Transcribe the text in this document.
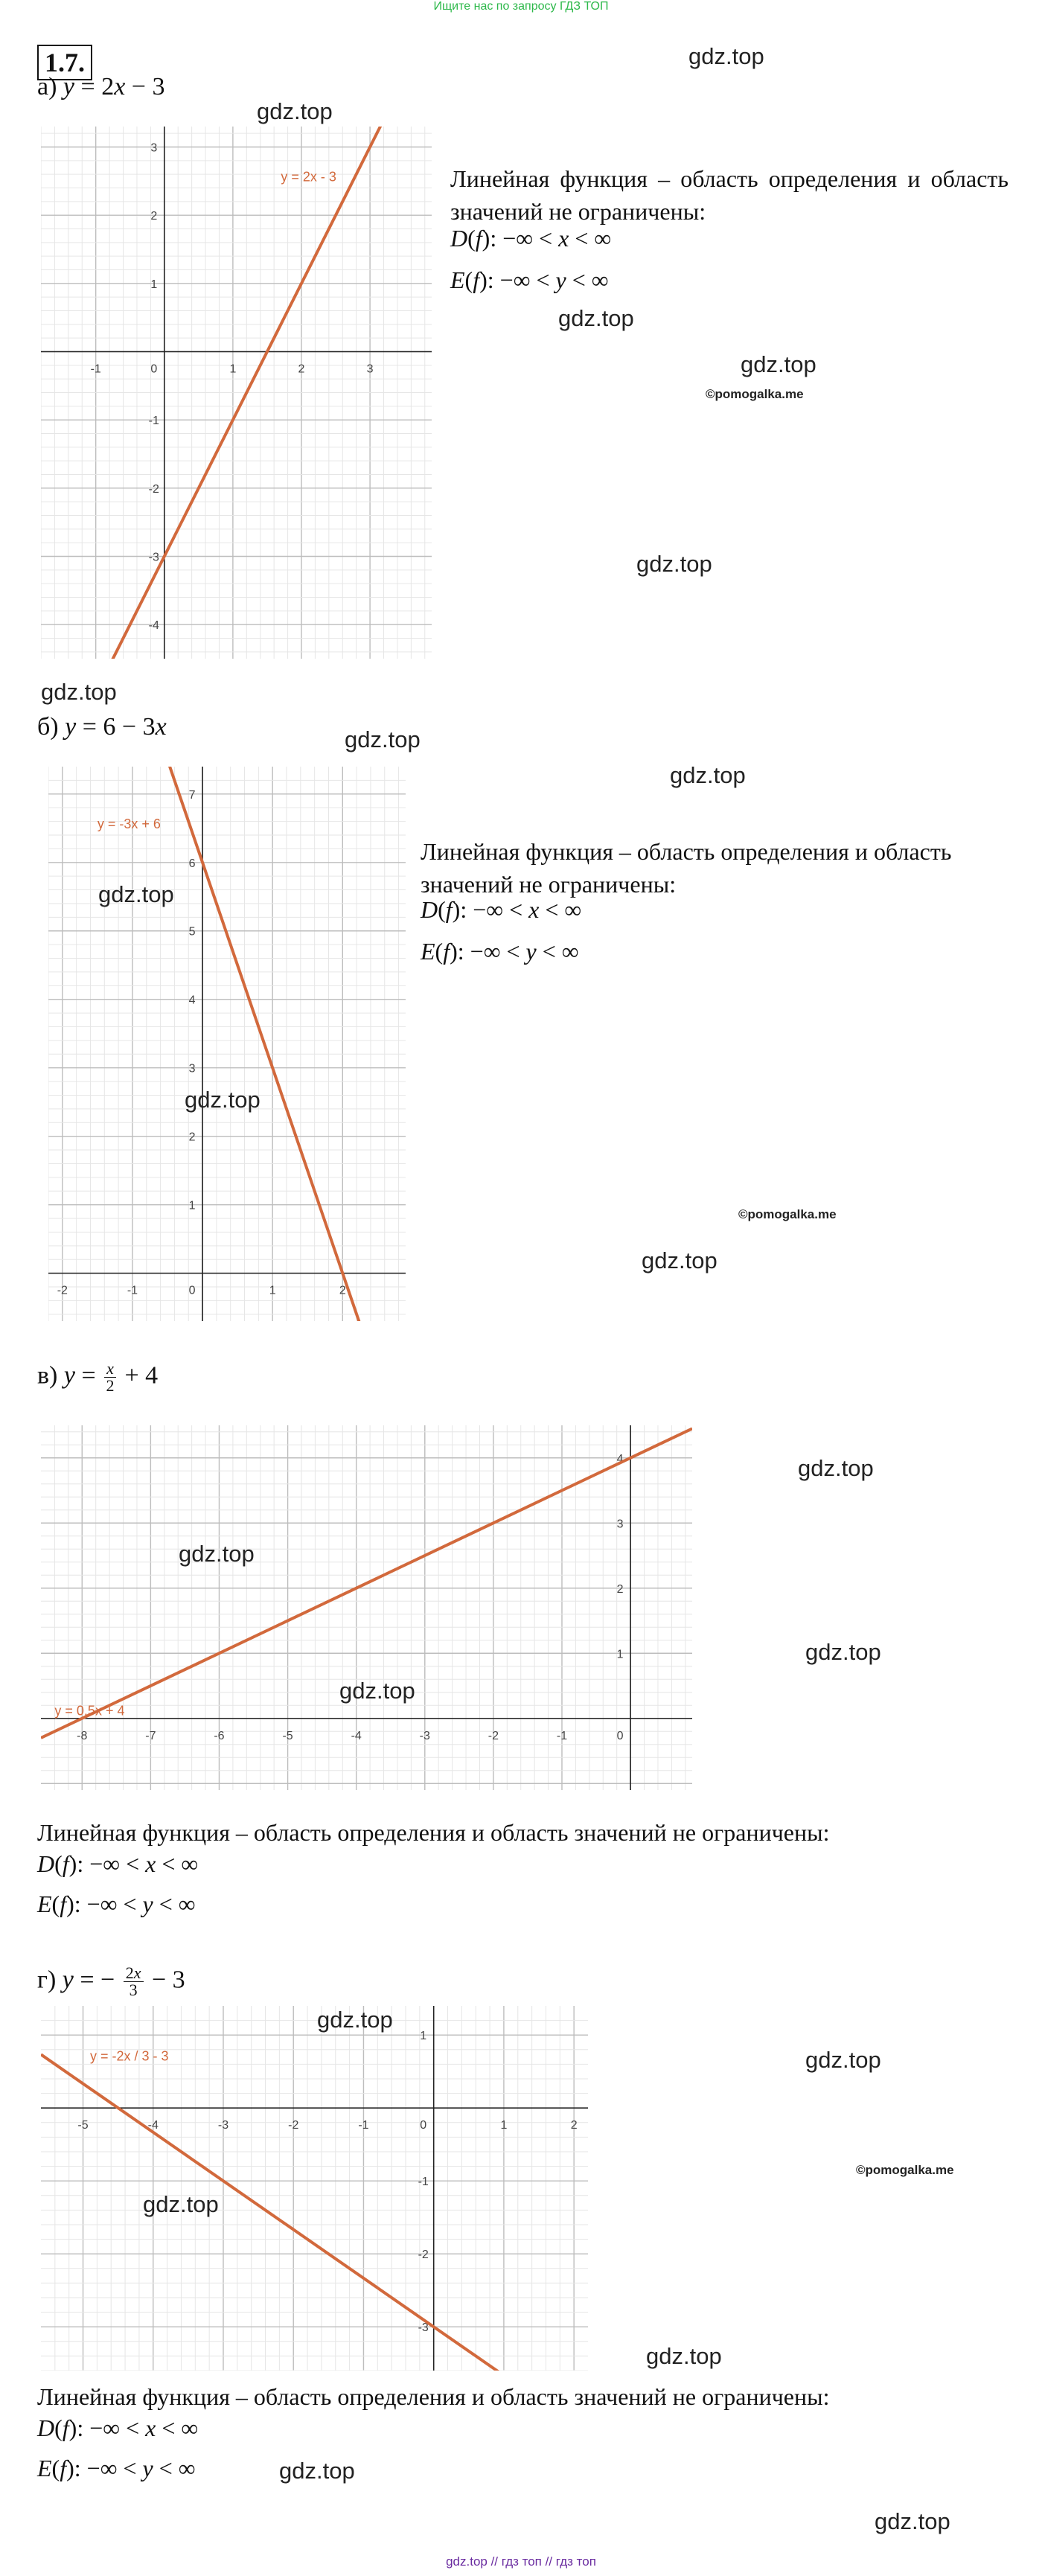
Ищите нас по запросу ГДЗ ТОП
1.7.
а) y = 2x − 3
-1	0	1	2	3
-4
-3
-2
-1
1
2
3
y = 2x - 3	Линейная функция – область определения и область значений не ограничены:
D(f): −∞ < x < ∞
E(f): −∞ < y < ∞
б) y = 6 − 3x
-2	-1	0	1	2
1
2
3
4
5
6
7
y = -3x + 6
Линейная функция – область определения и область значений не ограничены:
D(f): −∞ < x < ∞
E(f): −∞ < y < ∞
в) $y = \frac{x}{2} + 4$
-8	-7	-6	-5	-4	-3	-2	-1	0
1
2
3
4
y = 0.5x + 4
Линейная функция – область определения и область значений не ограничены:
D(f): −∞ < x < ∞
E(f): −∞ < y < ∞
г) y = − $\frac{2x}{3} - 3$
-5	-4	-3	-2	-1	0	1	2
-3
-2
-1
1
y = -2x / 3 - 3
Линейная функция – область определения и область значений не ограничены:
D(f): −∞ < x < ∞
E(f): −∞ < y < ∞
gdz.top
gdz.top
gdz.top
gdz.top
gdz.top
gdz.top
gdz.top
gdz.top
gdz.top
gdz.top
gdz.top
gdz.top
gdz.top
gdz.top
gdz.top
gdz.top
gdz.top
gdz.top
gdz.top
gdz.top
gdz.top
©pomogalka.me
©pomogalka.me
©pomogalka.me
gdz.top // гдз топ // гдз топ
